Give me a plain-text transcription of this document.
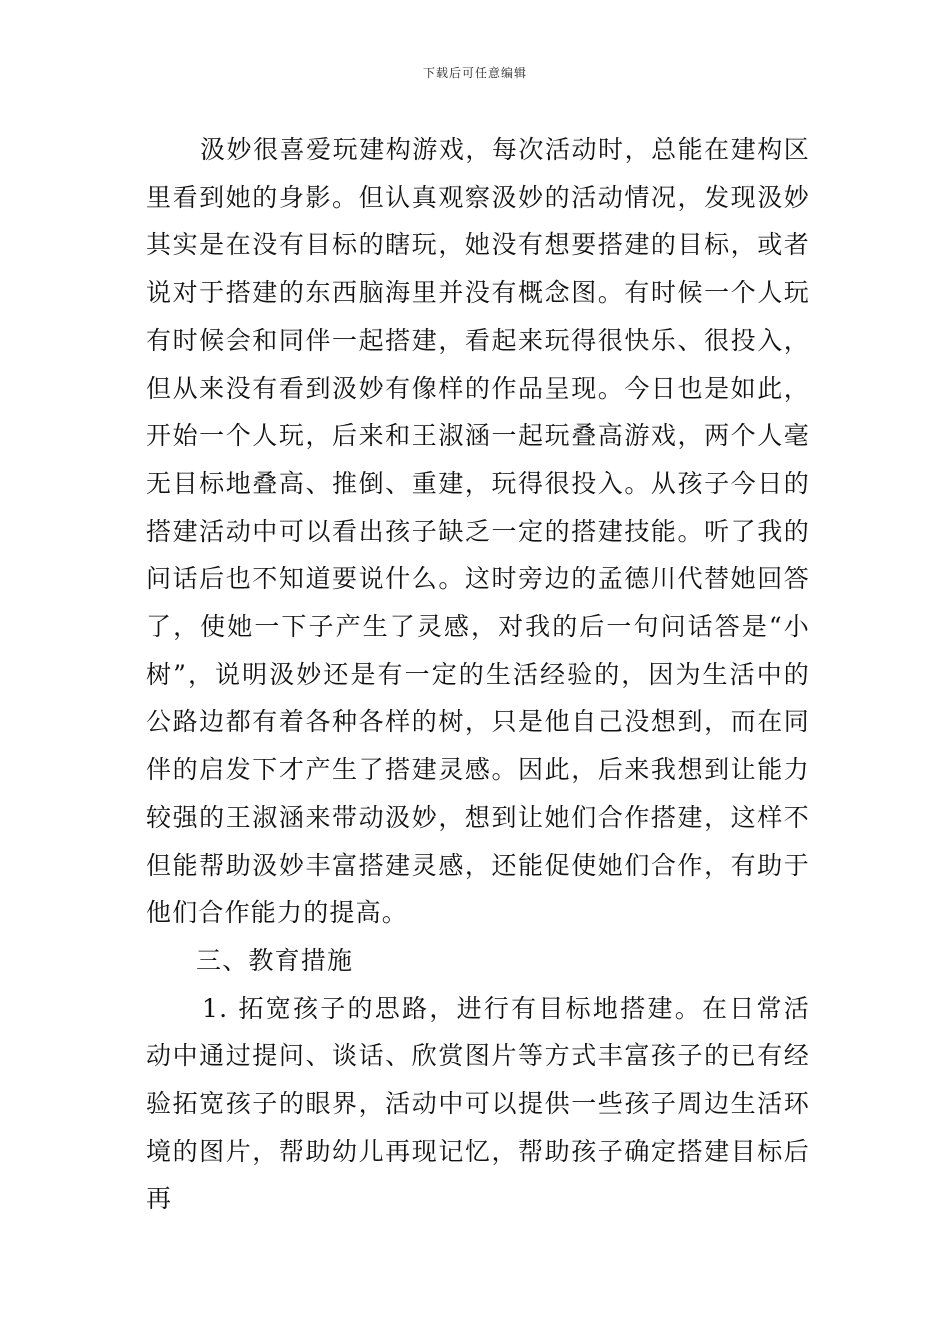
下载后可任意编辑

汲妙很喜爱玩建构游戏，每次活动时，总能在建构区里看到她的身影。但认真观察汲妙的活动情况，发现汲妙其实是在没有目标的瞎玩，她没有想要搭建的目标，或者说对于搭建的东西脑海里并没有概念图。有时候一个人玩有时候会和同伴一起搭建，看起来玩得很快乐、很投入，但从来没有看到汲妙有像样的作品呈现。今日也是如此，开始一个人玩，后来和王淑涵一起玩叠高游戏，两个人毫无目标地叠高、推倒、重建，玩得很投入。从孩子今日的搭建活动中可以看出孩子缺乏一定的搭建技能。听了我的问话后也不知道要说什么。这时旁边的孟德川代替她回答了，使她一下子产生了灵感，对我的后一句问话答是“小树”，说明汲妙还是有一定的生活经验的，因为生活中的公路边都有着各种各样的树，只是他自己没想到，而在同伴的启发下才产生了搭建灵感。因此，后来我想到让能力较强的王淑涵来带动汲妙，想到让她们合作搭建，这样不但能帮助汲妙丰富搭建灵感，还能促使她们合作，有助于他们合作能力的提高。

三、教育措施

1. 拓宽孩子的思路，进行有目标地搭建。在日常活动中通过提问、谈话、欣赏图片等方式丰富孩子的已有经验拓宽孩子的眼界，活动中可以提供一些孩子周边生活环境的图片，帮助幼儿再现记忆，帮助孩子确定搭建目标后再
